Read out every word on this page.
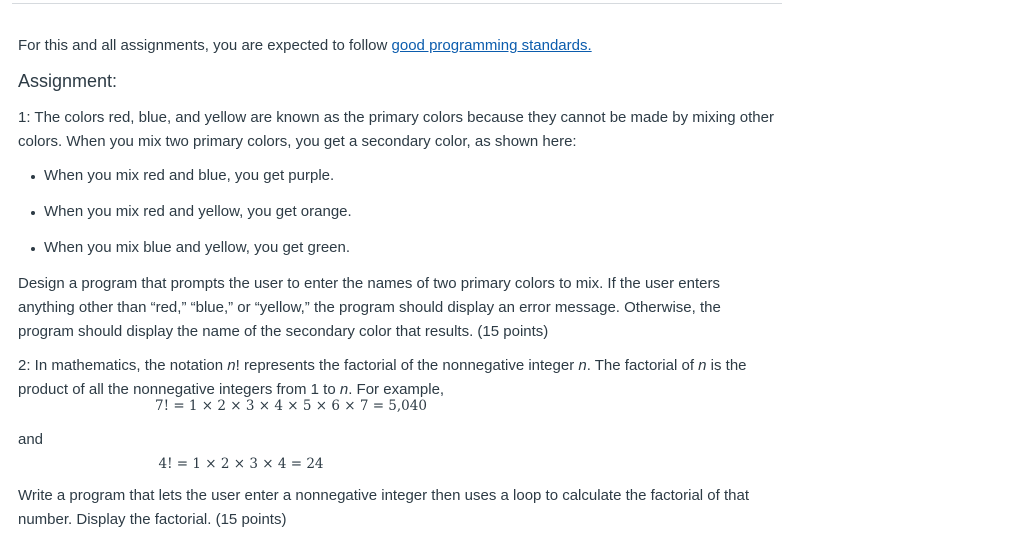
For this and all assignments, you are expected to follow good programming standards.

Assignment:

1: The colors red, blue, and yellow are known as the primary colors because they cannot be made by mixing other colors. When you mix two primary colors, you get a secondary color, as shown here:

When you mix red and blue, you get purple.
When you mix red and yellow, you get orange.
When you mix blue and yellow, you get green.

Design a program that prompts the user to enter the names of two primary colors to mix. If the user enters anything other than “red,” “blue,” or “yellow,” the program should display an error message. Otherwise, the program should display the name of the secondary color that results. (15 points)

2: In mathematics, the notation n! represents the factorial of the nonnegative integer n. The factorial of n is the product of all the nonnegative integers from 1 to n. For example,

7! = 1 × 2 × 3 × 4 × 5 × 6 × 7 = 5,040

and

4! = 1 × 2 × 3 × 4 = 24

Write a program that lets the user enter a nonnegative integer then uses a loop to calculate the factorial of that number. Display the factorial. (15 points)
